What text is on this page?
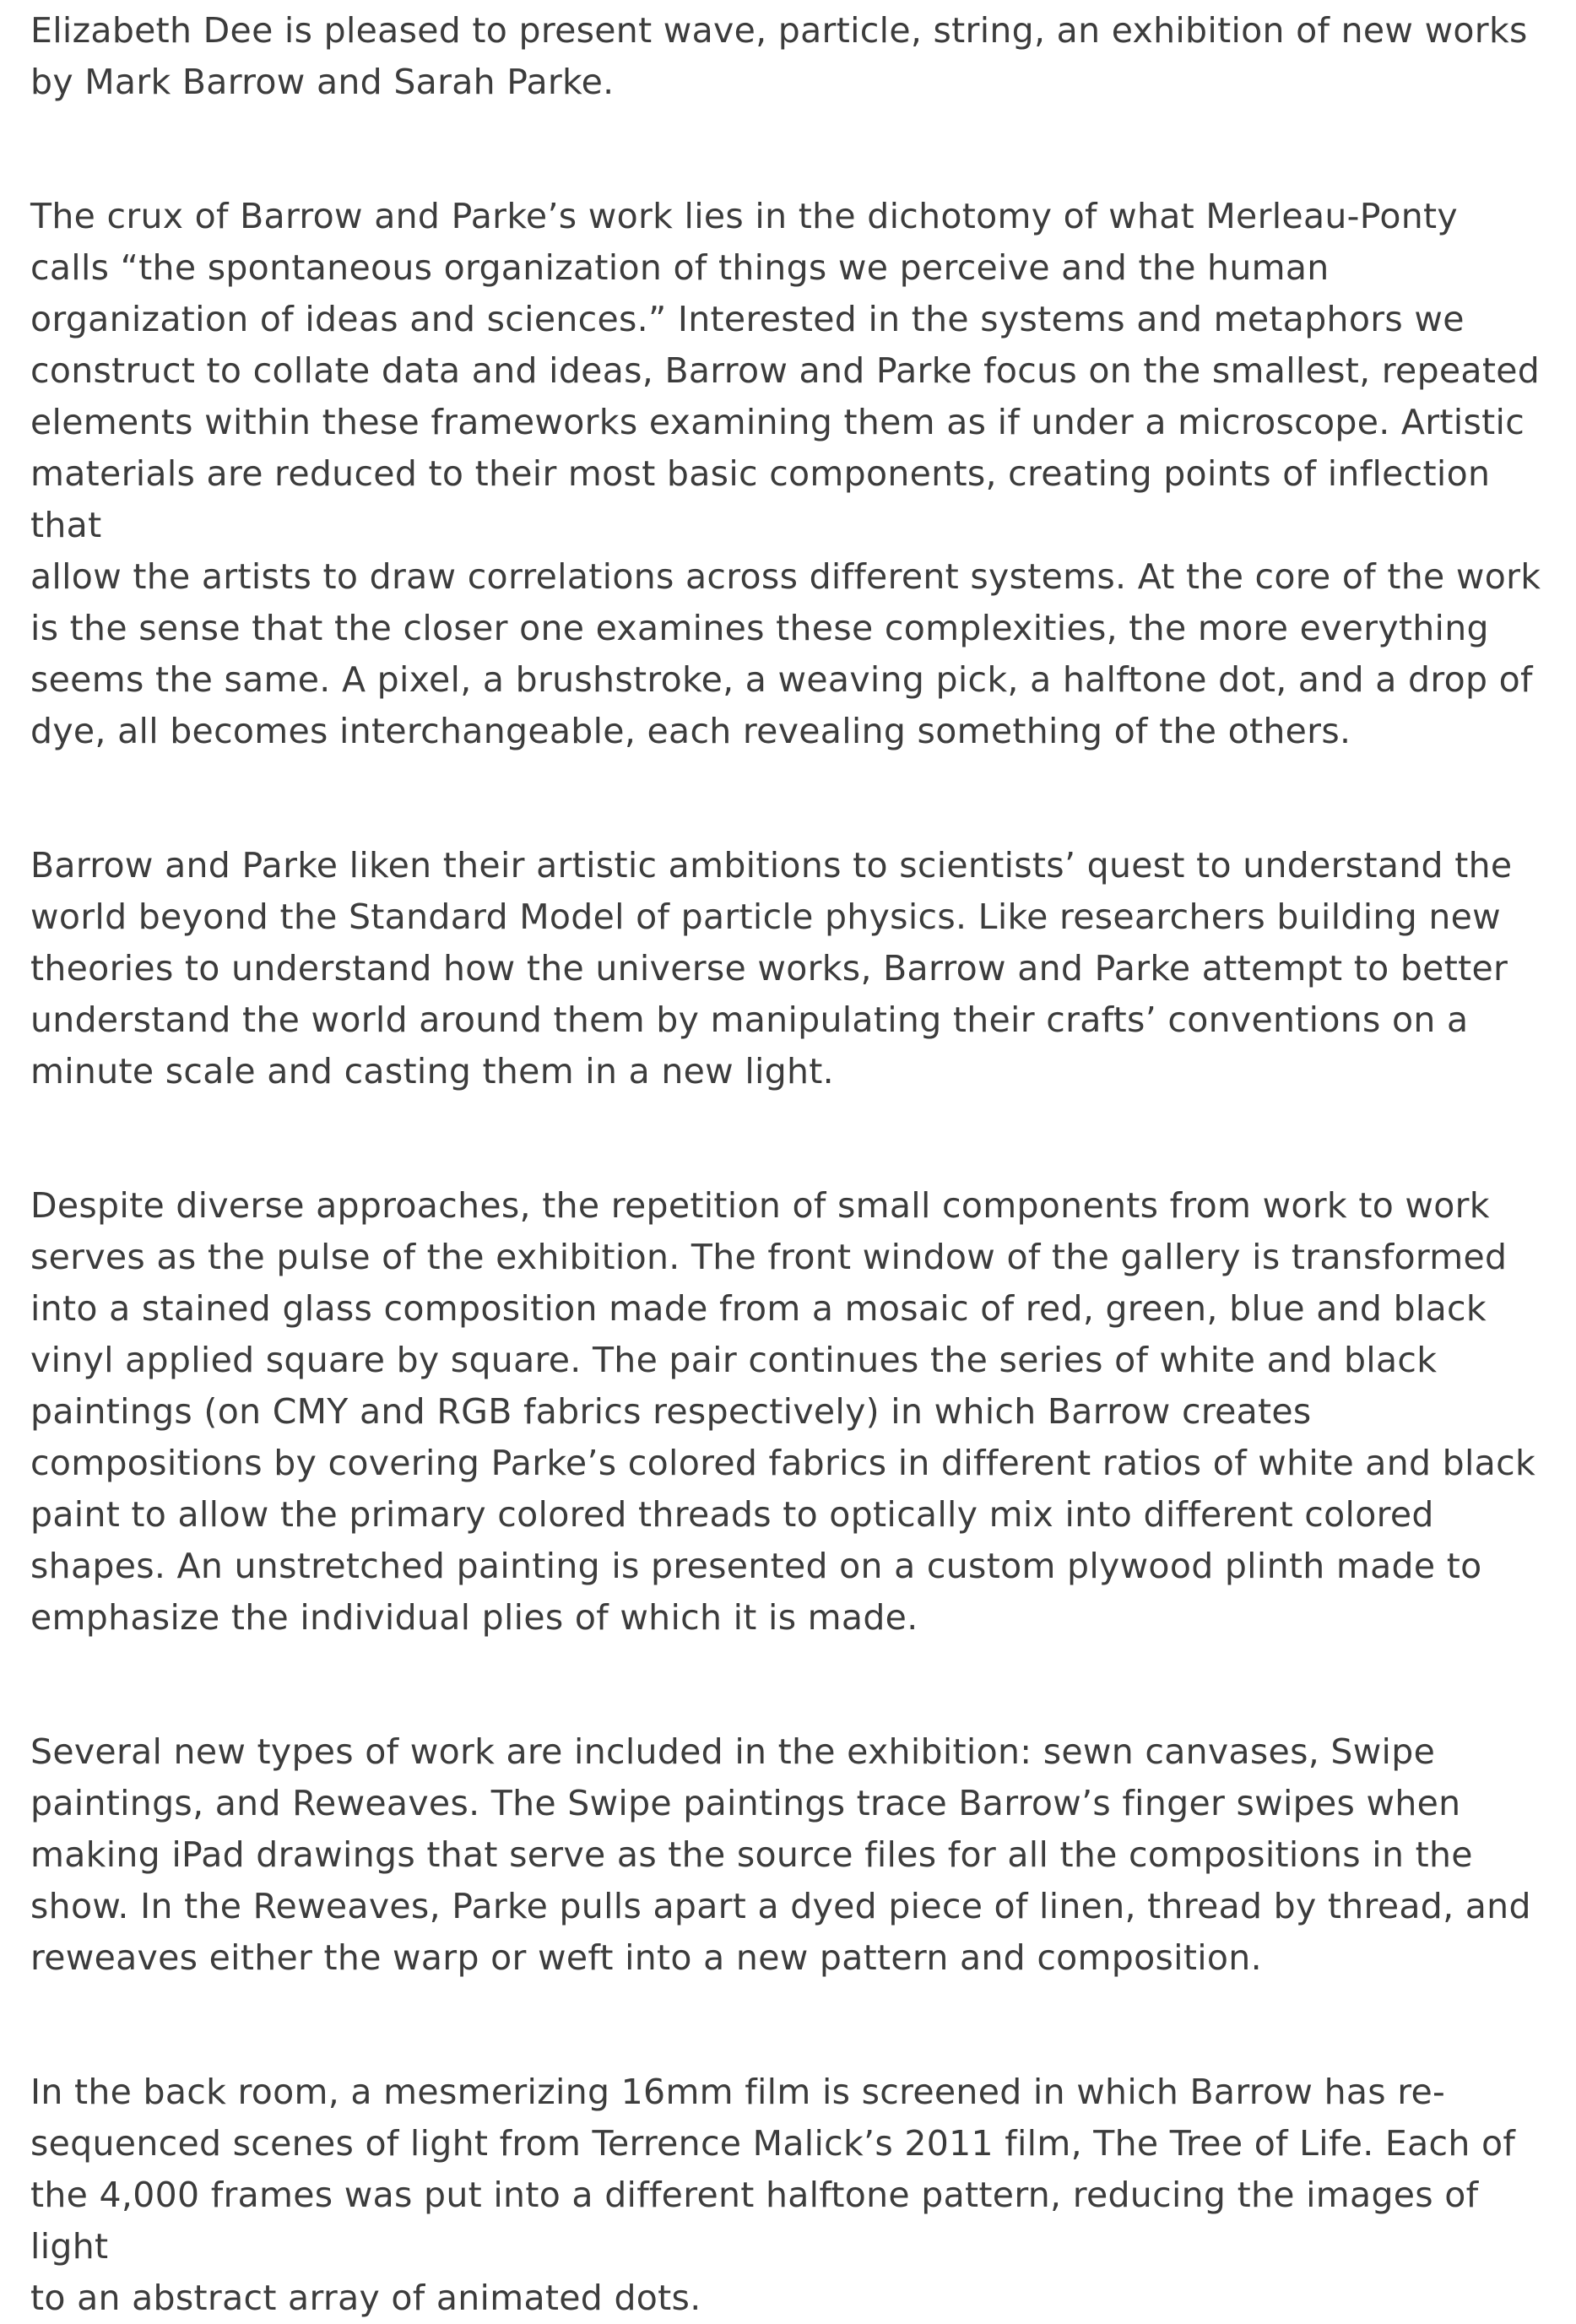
Elizabeth Dee is pleased to present wave, particle, string, an exhibition of new works
by Mark Barrow and Sarah Parke.

The crux of Barrow and Parke’s work lies in the dichotomy of what Merleau-Ponty
calls “the spontaneous organization of things we perceive and the human
organization of ideas and sciences.” Interested in the systems and metaphors we
construct to collate data and ideas, Barrow and Parke focus on the smallest, repeated
elements within these frameworks examining them as if under a microscope. Artistic
materials are reduced to their most basic components, creating points of inflection that
allow the artists to draw correlations across different systems. At the core of the work
is the sense that the closer one examines these complexities, the more everything
seems the same. A pixel, a brushstroke, a weaving pick, a halftone dot, and a drop of
dye, all becomes interchangeable, each revealing something of the others.

Barrow and Parke liken their artistic ambitions to scientists’ quest to understand the
world beyond the Standard Model of particle physics. Like researchers building new
theories to understand how the universe works, Barrow and Parke attempt to better
understand the world around them by manipulating their crafts’ conventions on a
minute scale and casting them in a new light.

Despite diverse approaches, the repetition of small components from work to work
serves as the pulse of the exhibition. The front window of the gallery is transformed
into a stained glass composition made from a mosaic of red, green, blue and black
vinyl applied square by square. The pair continues the series of white and black
paintings (on CMY and RGB fabrics respectively) in which Barrow creates
compositions by covering Parke’s colored fabrics in different ratios of white and black
paint to allow the primary colored threads to optically mix into different colored
shapes. An unstretched painting is presented on a custom plywood plinth made to
emphasize the individual plies of which it is made.

Several new types of work are included in the exhibition: sewn canvases, Swipe
paintings, and Reweaves. The Swipe paintings trace Barrow’s finger swipes when
making iPad drawings that serve as the source files for all the compositions in the
show. In the Reweaves, Parke pulls apart a dyed piece of linen, thread by thread, and
reweaves either the warp or weft into a new pattern and composition.

In the back room, a mesmerizing 16mm film is screened in which Barrow has re-
sequenced scenes of light from Terrence Malick’s 2011 film, The Tree of Life. Each of
the 4,000 frames was put into a different halftone pattern, reducing the images of light
to an abstract array of animated dots.
